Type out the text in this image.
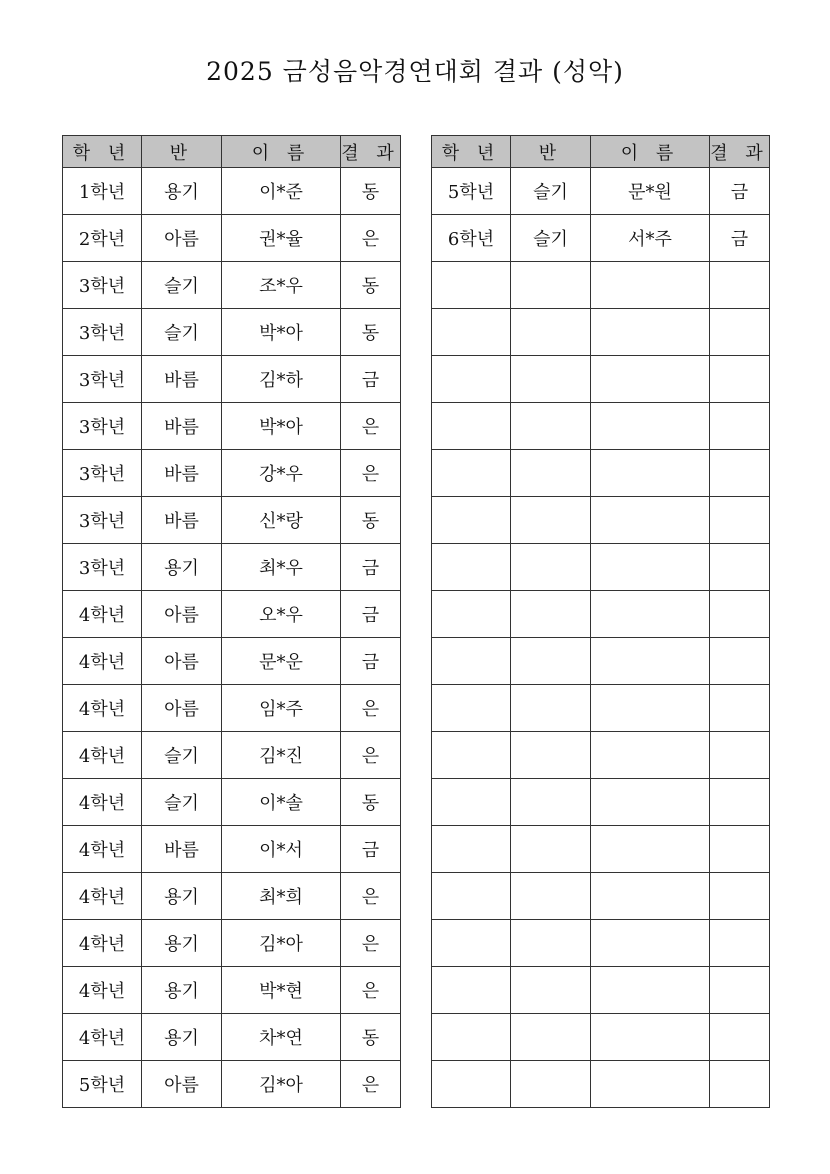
2025 금성음악경연대회 결과 (성악)
학 년	반	이 름	결 과
1학년	용기	이*준	동
2학년	아름	권*율	은
3학년	슬기	조*우	동
3학년	슬기	박*아	동
3학년	바름	김*하	금
3학년	바름	박*아	은
3학년	바름	강*우	은
3학년	바름	신*랑	동
3학년	용기	최*우	금
4학년	아름	오*우	금
4학년	아름	문*운	금
4학년	아름	임*주	은
4학년	슬기	김*진	은
4학년	슬기	이*솔	동
4학년	바름	이*서	금
4학년	용기	최*희	은
4학년	용기	김*아	은
4학년	용기	박*현	은
4학년	용기	차*연	동
5학년	아름	김*아	은
학 년	반	이 름	결 과
5학년	슬기	문*원	금
6학년	슬기	서*주	금
